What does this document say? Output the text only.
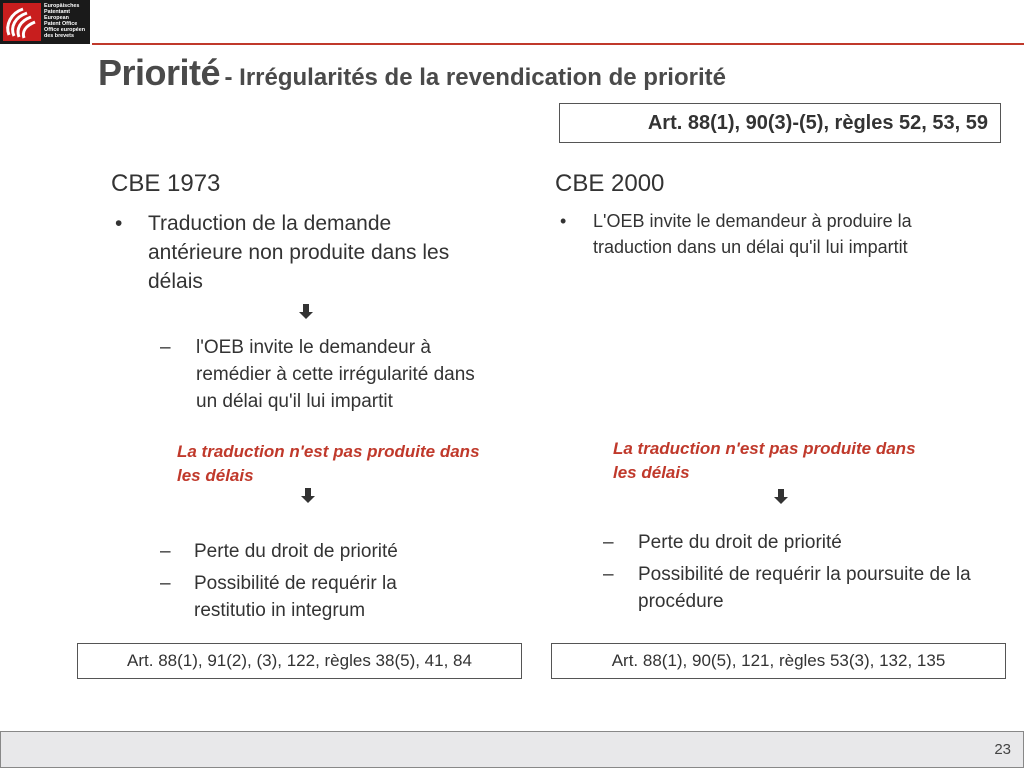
Europäisches
Patentamt
European
Patent Office
Office européen
des brevets
Priorité - Irrégularités de la revendication de priorité
Art. 88(1), 90(3)-(5), règles 52, 53, 59
CBE 1973
•	Traduction de la demande antérieure non produite dans les délais
–	l'OEB invite le demandeur à remédier à cette irrégularité dans un délai qu'il lui impartit
La traduction n'est pas produite dans les délais
–	Perte du droit de priorité
–	Possibilité de requérir la restitutio in integrum
Art. 88(1), 91(2), (3), 122, règles 38(5), 41, 84
CBE 2000
•	L'OEB invite le demandeur à produire la traduction dans un délai qu'il lui impartit
La traduction n'est pas produite dans les délais
–	Perte du droit de priorité
–	Possibilité de requérir la poursuite de la procédure
Art. 88(1), 90(5), 121, règles 53(3), 132, 135
23
